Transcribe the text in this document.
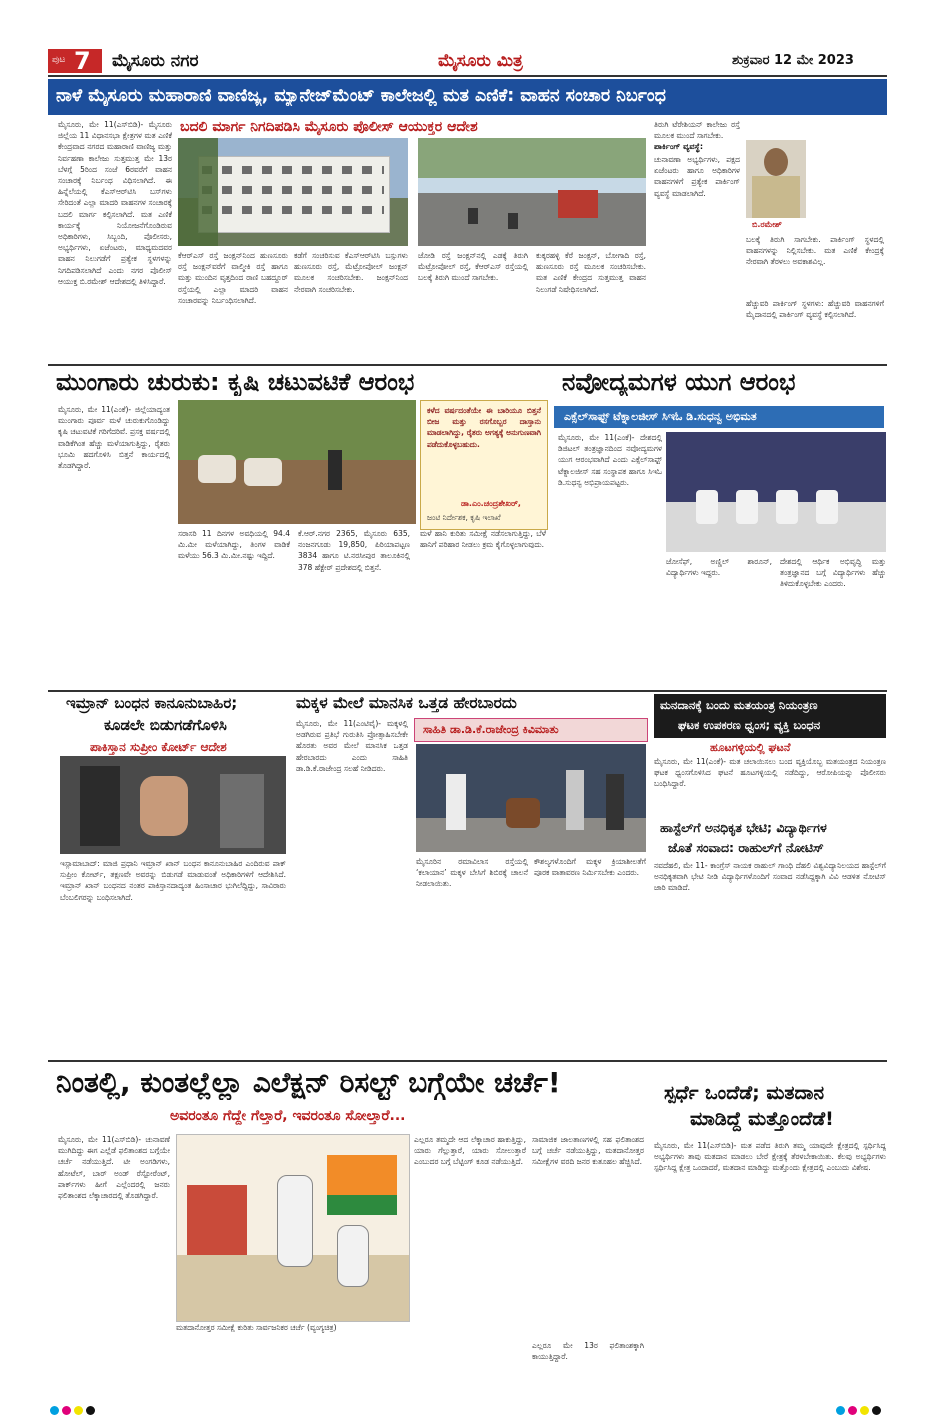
ಪುಟ 7 ಮೈಸೂರು ನಗರ	ಮೈಸೂರು ಮಿತ್ರ	ಶುಕ್ರವಾರ 12 ಮೇ 2023
ನಾಳೆ ಮೈಸೂರು ಮಹಾರಾಣಿ ವಾಣಿಜ್ಯ, ಮ್ಯಾನೇಜ್‌ಮೆಂಟ್ ಕಾಲೇಜಲ್ಲಿ ಮತ ಎಣಿಕೆ: ವಾಹನ ಸಂಚಾರ ನಿರ್ಬಂಧ
ಬದಲಿ ಮಾರ್ಗ ನಿಗದಿಪಡಿಸಿ ಮೈಸೂರು ಪೊಲೀಸ್ ಆಯುಕ್ತರ ಆದೇಶ
ಮೈಸೂರು, ಮೇ 11(ಎಸ್‌ಬಿಡಿ)- ಮೈಸೂರು ಜಿಲ್ಲೆಯ 11 ವಿಧಾನಸಭಾ ಕ್ಷೇತ್ರಗಳ ಮತ ಎಣಿಕೆ ಕೇಂದ್ರವಾದ ನಗರದ ಮಹಾರಾಣಿ ವಾಣಿಜ್ಯ ಮತ್ತು ನಿರ್ವಹಣಾ ಕಾಲೇಜು ಸುತ್ತಮುತ್ತ ಮೇ 13ರ ಬೆಳಗ್ಗೆ 5ರಿಂದ ಸಂಜೆ 6ರವರೆಗೆ ವಾಹನ ಸಂಚಾರಕ್ಕೆ ನಿರ್ಬಂಧ ವಿಧಿಸಲಾಗಿದೆ. ಈ ಹಿನ್ನೆಲೆಯಲ್ಲಿ ಕೆಎಸ್‌ಆರ್‌ಟಿಸಿ ಬಸ್‌ಗಳು ಸೇರಿದಂತೆ ಎಲ್ಲಾ ಮಾದರಿ ವಾಹನಗಳ ಸಂಚಾರಕ್ಕೆ ಬದಲಿ ಮಾರ್ಗ ಕಲ್ಪಿಸಲಾಗಿದೆ. ಮತ ಎಣಿಕೆ ಕಾರ್ಯಕ್ಕೆ ನಿಯೋಜನೆಗೊಂಡಿರುವ ಅಧಿಕಾರಿಗಳು, ಸಿಬ್ಬಂದಿ, ಪೊಲೀಸರು, ಅಭ್ಯರ್ಥಿಗಳು, ಏಜೆಂಟರು, ಮಾಧ್ಯಮದವರ ವಾಹನ ನಿಲುಗಡೆಗೆ ಪ್ರತ್ಯೇಕ ಸ್ಥಳಗಳನ್ನು ನಿಗದಿಪಡಿಸಲಾಗಿದೆ ಎಂದು ನಗರ ಪೊಲೀಸ್ ಆಯುಕ್ತ ಬಿ.ರಮೇಶ್ ಆದೇಶದಲ್ಲಿ ತಿಳಿಸಿದ್ದಾರೆ.
ಬಿ.ರಮೇಶ್
ಕೆಆರ್‌ಎಸ್ ರಸ್ತೆ ಜಂಕ್ಷನ್‌ನಿಂದ ಹುಣಸೂರು ರಸ್ತೆ ಜಂಕ್ಷನ್‌ವರೆಗೆ ವಾಲ್ಮೀಕಿ ರಸ್ತೆ ಹಾಗೂ ಮತ್ತು ಮುಂದಿನ ವೃತ್ತದಿಂದ ರಾಣಿ ಬಹದ್ದೂರ್ ರಸ್ತೆಯಲ್ಲಿ ಎಲ್ಲಾ ಮಾದರಿ ವಾಹನ ಸಂಚಾರವನ್ನು ನಿರ್ಬಂಧಿಸಲಾಗಿದೆ.
ಕಡೆಗೆ ಸಂಚರಿಸುವ ಕೆಎಸ್‌ಆರ್‌ಟಿಸಿ ಬಸ್ಸುಗಳು ಹುಣಸೂರು ರಸ್ತೆ, ಮೆಟ್ರೋಪೋಲ್ ಜಂಕ್ಷನ್ ಮೂಲಕ ಸಂಚರಿಸಬೇಕು. ಜಂಕ್ಷನ್‌ನಿಂದ ನೇರವಾಗಿ ಸಂಚರಿಸಬೇಕು.
ಜೋಡಿ ರಸ್ತೆ ಜಂಕ್ಷನ್‌ನಲ್ಲಿ ಎಡಕ್ಕೆ ತಿರುಗಿ ಮೆಟ್ರೋಪೋಲ್ ರಸ್ತೆ, ಕೆಆರ್‌ಎಸ್ ರಸ್ತೆಯಲ್ಲಿ ಬಲಕ್ಕೆ ತಿರುಗಿ ಮುಂದೆ ಸಾಗಬೇಕು.
ಕುಕ್ಕರಹಳ್ಳಿ ಕೆರೆ ಜಂಕ್ಷನ್, ಬೋಗಾದಿ ರಸ್ತೆ, ಹುಣಸೂರು ರಸ್ತೆ ಮೂಲಕ ಸಂಚರಿಸಬೇಕು. ಮತ ಎಣಿಕೆ ಕೇಂದ್ರದ ಸುತ್ತಮುತ್ತ ವಾಹನ ನಿಲುಗಡೆ ನಿಷೇಧಿಸಲಾಗಿದೆ.
ತಿರುಗಿ ಟೆರೇಶಿಯನ್ ಕಾಲೇಜು ರಸ್ತೆ ಮೂಲಕ ಮುಂದೆ ಸಾಗಬೇಕು.
ಪಾರ್ಕಿಂಗ್ ವ್ಯವಸ್ಥೆ:
ಚುನಾವಣಾ ಅಭ್ಯರ್ಥಿಗಳು, ಪಕ್ಷದ ಏಜೆಂಟರು ಹಾಗೂ ಅಧಿಕಾರಿಗಳ ವಾಹನಗಳಿಗೆ ಪ್ರತ್ಯೇಕ ಪಾರ್ಕಿಂಗ್ ವ್ಯವಸ್ಥೆ ಮಾಡಲಾಗಿದೆ.
ಬಲಕ್ಕೆ ತಿರುಗಿ ಸಾಗಬೇಕು. ಪಾರ್ಕಿಂಗ್ ಸ್ಥಳದಲ್ಲಿ ವಾಹನಗಳನ್ನು ನಿಲ್ಲಿಸಬೇಕು. ಮತ ಎಣಿಕೆ ಕೇಂದ್ರಕ್ಕೆ ನೇರವಾಗಿ ತೆರಳಲು ಅವಕಾಶವಿಲ್ಲ.
ಹೆಚ್ಚುವರಿ ಪಾರ್ಕಿಂಗ್ ಸ್ಥಳಗಳು: ಹೆಚ್ಚುವರಿ ವಾಹನಗಳಿಗೆ ಮೈದಾನದಲ್ಲಿ ಪಾರ್ಕಿಂಗ್ ವ್ಯವಸ್ಥೆ ಕಲ್ಪಿಸಲಾಗಿದೆ.
ಮುಂಗಾರು ಚುರುಕು: ಕೃಷಿ ಚಟುವಟಿಕೆ ಆರಂಭ
ಮೈಸೂರು, ಮೇ 11(ಎಂಕೆ)- ಜಿಲ್ಲೆಯಾದ್ಯಂತ ಮುಂಗಾರು ಪೂರ್ವ ಮಳೆ ಚುರುಕುಗೊಂಡಿದ್ದು ಕೃಷಿ ಚಟುವಟಿಕೆ ಗರಿಗೆದರಿವೆ. ಪ್ರಸಕ್ತ ವರ್ಷದಲ್ಲಿ ವಾಡಿಕೆಗಿಂತ ಹೆಚ್ಚು ಮಳೆಯಾಗುತ್ತಿದ್ದು, ರೈತರು ಭೂಮಿ ಹದಗೊಳಿಸಿ ಬಿತ್ತನೆ ಕಾರ್ಯದಲ್ಲಿ ತೊಡಗಿದ್ದಾರೆ.
ಕಳೆದ ವರ್ಷದಂತೆಯೇ ಈ ಬಾರಿಯೂ ಬಿತ್ತನೆ ಬೀಜ ಮತ್ತು ರಸಗೊಬ್ಬರ ದಾಸ್ತಾನು ಮಾಡಲಾಗಿದ್ದು, ರೈತರು ಅಗತ್ಯಕ್ಕೆ ಅನುಗುಣವಾಗಿ ಪಡೆದುಕೊಳ್ಳಬಹುದು.
ಡಾ.ಎಂ.ಚಂದ್ರಶೇಖರ್,
ಜಂಟಿ ನಿರ್ದೇಶಕ, ಕೃಷಿ ಇಲಾಖೆ
ಸರಾಸರಿ 11 ದಿನಗಳ ಅವಧಿಯಲ್ಲಿ 94.4 ಮಿ.ಮೀ ಮಳೆಯಾಗಿದ್ದು, ತಿಂಗಳ ವಾಡಿಕೆ ಮಳೆಯು 56.3 ಮಿ.ಮೀ.ನಷ್ಟು ಇದ್ದಿದೆ.
ಕೆ.ಆರ್.ನಗರ 2365, ಮೈಸೂರು 635, ನಂಜನಗೂಡು 19,850, ಪಿರಿಯಾಪಟ್ಟಣ 3834 ಹಾಗೂ ಟಿ.ನರಸೀಪುರ ತಾಲೂಕಿನಲ್ಲಿ 378 ಹೆಕ್ಟೇರ್ ಪ್ರದೇಶದಲ್ಲಿ ಬಿತ್ತನೆ.
ಮಳೆ ಹಾನಿ ಕುರಿತು ಸಮೀಕ್ಷೆ ನಡೆಸಲಾಗುತ್ತಿದ್ದು, ಬೆಳೆ ಹಾನಿಗೆ ಪರಿಹಾರ ನೀಡಲು ಕ್ರಮ ಕೈಗೊಳ್ಳಲಾಗುವುದು.
ನವೋದ್ಯಮಗಳ ಯುಗ ಆರಂಭ
ಎಕ್ಸೆಲ್‌ಸಾಫ್ಟ್ ಟೆಕ್ನಾಲಜೀಸ್ ಸಿಇಓ ಡಿ.ಸುಧನ್ವ ಅಭಿಮತ
ಮೈಸೂರು, ಮೇ 11(ಎಂಕೆ)- ದೇಶದಲ್ಲಿ ಡಿಜಿಟಲ್ ತಂತ್ರಜ್ಞಾನದಿಂದ ನವೋದ್ಯಮಗಳ ಯುಗ ಆರಂಭವಾಗಿದೆ ಎಂದು ಎಕ್ಸೆಲ್‌ಸಾಫ್ಟ್ ಟೆಕ್ನಾಲಜೀಸ್ ಸಹ ಸಂಸ್ಥಾಪಕ ಹಾಗೂ ಸಿಇಓ ಡಿ.ಸುಧನ್ವ ಅಭಿಪ್ರಾಯಪಟ್ಟರು.
ಜೋಸೆಫ್, ಅಣ್ಣಿಲ್ ಶಾರೂನ್, ವಿದ್ಯಾರ್ಥಿಗಳು ಇದ್ದರು.
ದೇಶದಲ್ಲಿ ಆರ್ಥಿಕ ಅಭಿವೃದ್ಧಿ ಮತ್ತು ತಂತ್ರಜ್ಞಾನದ ಬಗ್ಗೆ ವಿದ್ಯಾರ್ಥಿಗಳು ಹೆಚ್ಚು ತಿಳಿದುಕೊಳ್ಳಬೇಕು ಎಂದರು.
ಇಮ್ರಾನ್ ಬಂಧನ ಕಾನೂನುಬಾಹಿರ;
ಕೂಡಲೇ ಬಿಡುಗಡೆಗೊಳಿಸಿ
ಪಾಕಿಸ್ತಾನ ಸುಪ್ರೀಂ ಕೋರ್ಟ್ ಆದೇಶ
ಇಸ್ಲಾಮಾಬಾದ್: ಮಾಜಿ ಪ್ರಧಾನಿ ಇಮ್ರಾನ್ ಖಾನ್ ಬಂಧನ ಕಾನೂನುಬಾಹಿರ ಎಂದಿರುವ ಪಾಕ್ ಸುಪ್ರೀಂ ಕೋರ್ಟ್, ತಕ್ಷಣವೇ ಅವರನ್ನು ಬಿಡುಗಡೆ ಮಾಡುವಂತೆ ಅಧಿಕಾರಿಗಳಿಗೆ ಆದೇಶಿಸಿದೆ. ಇಮ್ರಾನ್ ಖಾನ್ ಬಂಧನದ ನಂತರ ಪಾಕಿಸ್ತಾನದಾದ್ಯಂತ ಹಿಂಸಾಚಾರ ಭುಗಿಲೆದ್ದಿದ್ದು, ಸಾವಿರಾರು ಬೆಂಬಲಿಗರನ್ನು ಬಂಧಿಸಲಾಗಿದೆ.
ಮಕ್ಕಳ ಮೇಲೆ ಮಾನಸಿಕ ಒತ್ತಡ ಹೇರಬಾರದು
ಮೈಸೂರು, ಮೇ 11(ಎಂಟಿವೈ)- ಮಕ್ಕಳಲ್ಲಿ ಅಡಗಿರುವ ಪ್ರತಿಭೆ ಗುರುತಿಸಿ ಪ್ರೋತ್ಸಾಹಿಸಬೇಕೇ ಹೊರತು ಅವರ ಮೇಲೆ ಮಾನಸಿಕ ಒತ್ತಡ ಹೇರಬಾರದು ಎಂದು ಸಾಹಿತಿ ಡಾ.ಡಿ.ಕೆ.ರಾಜೇಂದ್ರ ಸಲಹೆ ನೀಡಿದರು.
ಸಾಹಿತಿ ಡಾ.ಡಿ.ಕೆ.ರಾಜೇಂದ್ರ ಕಿವಿಮಾತು
ಮೈಸೂರಿನ ರಮಾವಿಲಾಸ ರಸ್ತೆಯಲ್ಲಿ ‘ಕಲಾಯಾನ’ ಮಕ್ಕಳ ಬೇಸಿಗೆ ಶಿಬಿರಕ್ಕೆ ಚಾಲನೆ ನೀಡಲಾಯಿತು.
ಕೌಶಲ್ಯಗಳೊಂದಿಗೆ ಮಕ್ಕಳ ಕ್ರಿಯಾಶೀಲತೆಗೆ ಪೂರಕ ವಾತಾವರಣ ನಿರ್ಮಿಸಬೇಕು ಎಂದರು.
ಮನದಾನಕ್ಕೆ ಬಂದು ಮತಯಂತ್ರ ನಿಯಂತ್ರಣ
ಘಟಕ ಉಪಕರಣ ಧ್ವಂಸ; ವ್ಯಕ್ತಿ ಬಂಧನ
ಹೂಟಗಳ್ಳಿಯಲ್ಲಿ ಘಟನೆ
ಮೈಸೂರು, ಮೇ 11(ಎಂಕೆ)- ಮತ ಚಲಾಯಿಸಲು ಬಂದ ವ್ಯಕ್ತಿಯೊಬ್ಬ ಮತಯಂತ್ರದ ನಿಯಂತ್ರಣ ಘಟಕ ಧ್ವಂಸಗೊಳಿಸಿದ ಘಟನೆ ಹೂಟಗಳ್ಳಿಯಲ್ಲಿ ನಡೆದಿದ್ದು, ಆರೋಪಿಯನ್ನು ಪೊಲೀಸರು ಬಂಧಿಸಿದ್ದಾರೆ.
ಹಾಸ್ಟೆಲ್‌ಗೆ ಅನಧಿಕೃತ ಭೇಟಿ; ವಿದ್ಯಾರ್ಥಿಗಳ
ಜೊತೆ ಸಂವಾದ: ರಾಹುಲ್‌ಗೆ ನೋಟಿಸ್
ನವದೆಹಲಿ, ಮೇ 11- ಕಾಂಗ್ರೆಸ್ ನಾಯಕ ರಾಹುಲ್ ಗಾಂಧಿ ದೆಹಲಿ ವಿಶ್ವವಿದ್ಯಾನಿಲಯದ ಹಾಸ್ಟೆಲ್‌ಗೆ ಅನಧಿಕೃತವಾಗಿ ಭೇಟಿ ನೀಡಿ ವಿದ್ಯಾರ್ಥಿಗಳೊಂದಿಗೆ ಸಂವಾದ ನಡೆಸಿದ್ದಕ್ಕಾಗಿ ವಿವಿ ಆಡಳಿತ ನೋಟಿಸ್ ಜಾರಿ ಮಾಡಿದೆ.
ನಿಂತಲ್ಲಿ, ಕುಂತಲ್ಲೆಲ್ಲಾ ಎಲೆಕ್ಷನ್ ರಿಸಲ್ಟ್ ಬಗ್ಗೆಯೇ ಚರ್ಚೆ!
ಅವರಂತೂ ಗೆದ್ದೇ ಗೆಲ್ತಾರೆ, ಇವರಂತೂ ಸೋಲ್ತಾರೆ...
ಮೈಸೂರು, ಮೇ 11(ಎಸ್‌ಬಿಡಿ)- ಚುನಾವಣೆ ಮುಗಿದಿದ್ದು ಈಗ ಎಲ್ಲೆಡೆ ಫಲಿತಾಂಶದ ಬಗ್ಗೆಯೇ ಚರ್ಚೆ ನಡೆಯುತ್ತಿದೆ. ಟೀ ಅಂಗಡಿಗಳು, ಹೋಟೆಲ್, ಬಾರ್ ಅಂಡ್ ರೆಸ್ಟೋರೆಂಟ್, ಪಾರ್ಕ್‌ಗಳು ಹೀಗೆ ಎಲ್ಲೆಂದರಲ್ಲಿ ಜನರು ಫಲಿತಾಂಶದ ಲೆಕ್ಕಾಚಾರದಲ್ಲಿ ತೊಡಗಿದ್ದಾರೆ.
ಮತದಾನೋತ್ತರ ಸಮೀಕ್ಷೆ ಕುರಿತು ಸಾರ್ವಜನಿಕರ ಚರ್ಚೆ (ವ್ಯಂಗ್ಯಚಿತ್ರ)
ಎಲ್ಲರೂ ತಮ್ಮದೇ ಆದ ಲೆಕ್ಕಾಚಾರ ಹಾಕುತ್ತಿದ್ದು, ಯಾರು ಗೆಲ್ಲುತ್ತಾರೆ, ಯಾರು ಸೋಲುತ್ತಾರೆ ಎಂಬುದರ ಬಗ್ಗೆ ಬೆಟ್ಟಿಂಗ್ ಕೂಡ ನಡೆಯುತ್ತಿದೆ.
ಸಾಮಾಜಿಕ ಜಾಲತಾಣಗಳಲ್ಲಿ ಸಹ ಫಲಿತಾಂಶದ ಬಗ್ಗೆ ಚರ್ಚೆ ನಡೆಯುತ್ತಿದ್ದು, ಮತದಾನೋತ್ತರ ಸಮೀಕ್ಷೆಗಳ ವರದಿ ಜನರ ಕುತೂಹಲ ಹೆಚ್ಚಿಸಿದೆ.
ಎಲ್ಲರೂ ಮೇ 13ರ ಫಲಿತಾಂಶಕ್ಕಾಗಿ ಕಾಯುತ್ತಿದ್ದಾರೆ.
ಸ್ಪರ್ಧೆ ಒಂದೆಡೆ; ಮತದಾನ
ಮಾಡಿದ್ದೆ ಮತ್ತೊಂದೆಡೆ!
ಮೈಸೂರು, ಮೇ 11(ಎಸ್‌ಬಿಡಿ)- ಮತ ಪಡೆದ ತಿರುಗಿ ತಮ್ಮ ಯಾವುದೇ ಕ್ಷೇತ್ರದಲ್ಲಿ ಸ್ಪರ್ಧಿಸಿದ್ದ ಅಭ್ಯರ್ಥಿಗಳು ತಾವು ಮತದಾನ ಮಾಡಲು ಬೇರೆ ಕ್ಷೇತ್ರಕ್ಕೆ ತೆರಳಬೇಕಾಯಿತು. ಕೆಲವು ಅಭ್ಯರ್ಥಿಗಳು ಸ್ಪರ್ಧಿಸಿದ್ದ ಕ್ಷೇತ್ರ ಒಂದಾದರೆ, ಮತದಾನ ಮಾಡಿದ್ದು ಮತ್ತೊಂದು ಕ್ಷೇತ್ರದಲ್ಲಿ ಎಂಬುದು ವಿಶೇಷ.
